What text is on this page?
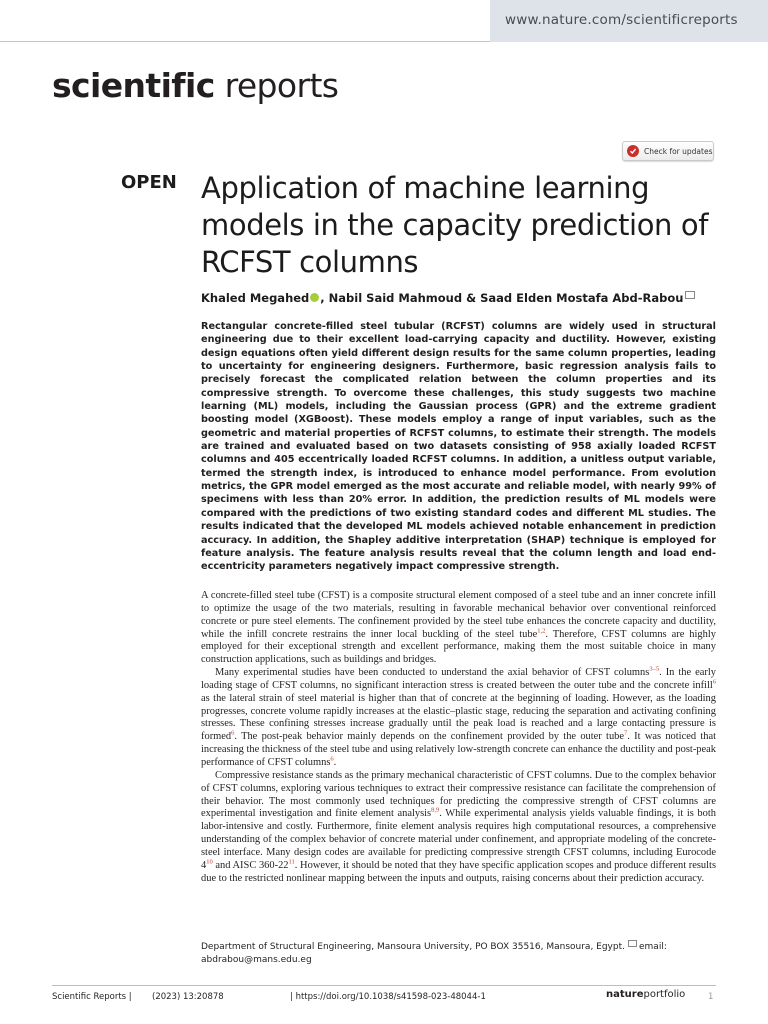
www.nature.com/scientificreports
scientific reports
Check for updates
OPEN Application of machine learning models in the capacity prediction of RCFST columns
Khaled Megahed , Nabil Said Mahmoud & Saad Elden Mostafa Abd-Rabou

Rectangular concrete-filled steel tubular (RCFST) columns are widely used in structural engineering due to their excellent load-carrying capacity and ductility. However, existing design equations often yield different design results for the same column properties, leading to uncertainty for engineering designers. Furthermore, basic regression analysis fails to precisely forecast the complicated relation between the column properties and its compressive strength. To overcome these challenges, this study suggests two machine learning (ML) models, including the Gaussian process (GPR) and the extreme gradient boosting model (XGBoost). These models employ a range of input variables, such as the geometric and material properties of RCFST columns, to estimate their strength. The models are trained and evaluated based on two datasets consisting of 958 axially loaded RCFST columns and 405 eccentrically loaded RCFST columns. In addition, a unitless output variable, termed the strength index, is introduced to enhance model performance. From evolution metrics, the GPR model emerged as the most accurate and reliable model, with nearly 99% of specimens with less than 20% error. In addition, the prediction results of ML models were compared with the predictions of two existing standard codes and different ML studies. The results indicated that the developed ML models achieved notable enhancement in prediction accuracy. In addition, the Shapley additive interpretation (SHAP) technique is employed for feature analysis. The feature analysis results reveal that the column length and load end-eccentricity parameters negatively impact compressive strength.

A concrete-filled steel tube (CFST) is a composite structural element composed of a steel tube and an inner concrete infill to optimize the usage of the two materials, resulting in favorable mechanical behavior over conventional reinforced concrete or pure steel elements. The confinement provided by the steel tube enhances the concrete capacity and ductility, while the infill concrete restrains the inner local buckling of the steel tube$^{1,2}$. Therefore, CFST columns are highly employed for their exceptional strength and excellent performance, making them the most suitable choice in many construction applications, such as buildings and bridges.

Many experimental studies have been conducted to understand the axial behavior of CFST columns$^{3-5}$. In the early loading stage of CFST columns, no significant interaction stress is created between the outer tube and the concrete infill$^6$ as the lateral strain of steel material is higher than that of concrete at the beginning of loading. However, as the loading progresses, concrete volume rapidly increases at the elastic–plastic stage, reducing the separation and activating confining stresses. These confining stresses increase gradually until the peak load is reached and a large contacting pressure is formed$^6$. The post-peak behavior mainly depends on the confinement provided by the outer tube$^7$. It was noticed that increasing the thickness of the steel tube and using relatively low-strength concrete can enhance the ductility and post-peak performance of CFST columns$^6$.

Compressive resistance stands as the primary mechanical characteristic of CFST columns. Due to the complex behavior of CFST columns, exploring various techniques to extract their compressive resistance can facilitate the comprehension of their behavior. The most commonly used techniques for predicting the compressive strength of CFST columns are experimental investigation and finite element analysis$^{8,9}$. While experimental analysis yields valuable findings, it is both labor-intensive and costly. Furthermore, finite element analysis requires high computational resources, a comprehensive understanding of the complex behavior of concrete material under confinement, and appropriate modeling of the concrete-steel interface. Many design codes are available for predicting compressive strength CFST columns, including Eurocode $4^{10}$ and AISC $360-22^{11}$. However, it should be noted that they have specific application scopes and produce different results due to the restricted nonlinear mapping between the inputs and outputs, raising concerns about their prediction accuracy.

Department of Structural Engineering, Mansoura University, PO BOX 35516, Mansoura, Egypt. email: abdrabou@mans.edu.eg
Scientific Reports | (2023) 13:20878	| https://doi.org/10.1038/s41598-023-48044-1	natureportfolio	1
